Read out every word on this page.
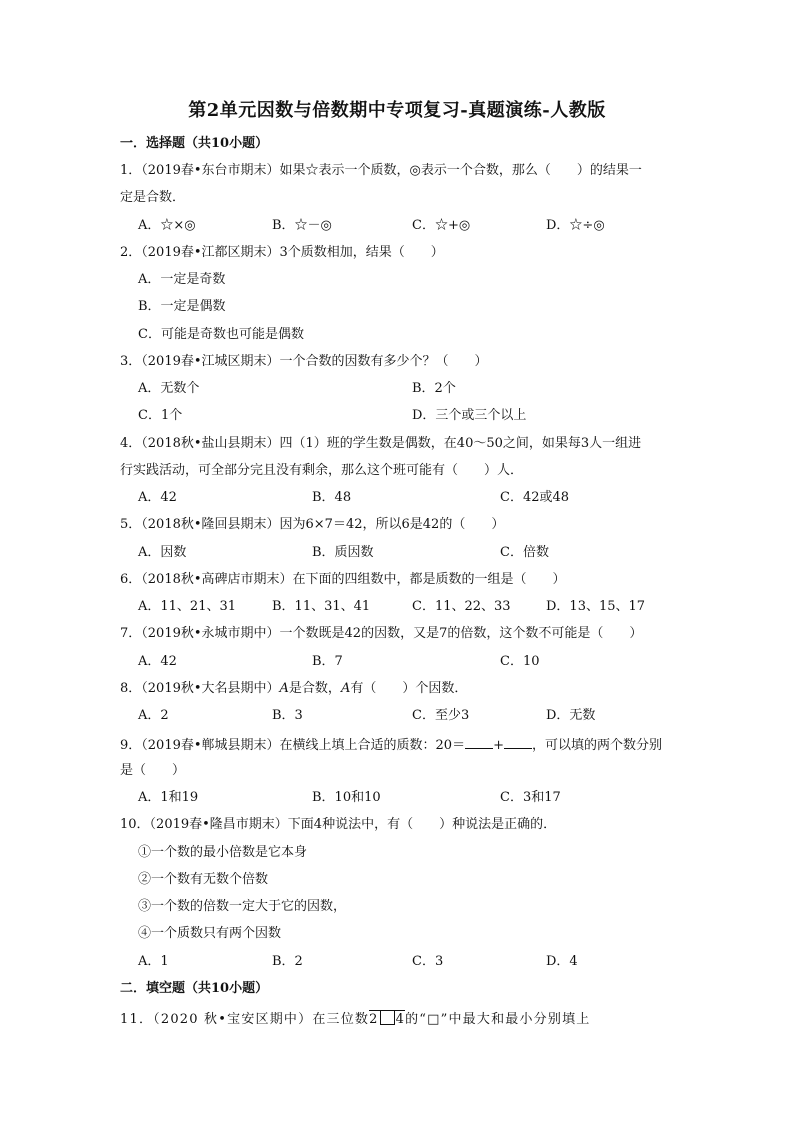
第2单元因数与倍数期中专项复习-真题演练-人教版
一．选择题（共10小题）
1．（2019春•东台市期末）如果☆表示一个质数，◎表示一个合数，那么（　　）的结果一
定是合数．
A．☆×◎	B．☆－◎	C．☆+◎	D．☆÷◎
2．（2019春•江都区期末）3个质数相加，结果（　　）
A．一定是奇数
B．一定是偶数
C．可能是奇数也可能是偶数
3．（2019春•江城区期末）一个合数的因数有多少个？（　　）
A．无数个	B．2个
C．1个	D．三个或三个以上
4．（2018秋•盐山县期末）四（1）班的学生数是偶数，在40～50之间，如果每3人一组进
行实践活动，可全部分完且没有剩余，那么这个班可能有（　　）人．
A．42	B．48	C．42或48
5．（2018秋•隆回县期末）因为6×7＝42，所以6是42的（　　）
A．因数	B．质因数	C．倍数
6．（2018秋•高碑店市期末）在下面的四组数中，都是质数的一组是（　　）
A．11、21、31	B．11、31、41	C．11、22、33	D．13、15、17
7．（2019秋•永城市期中）一个数既是42的因数，又是7的倍数，这个数不可能是（　　）
A．42	B．7	C．10
8．（2019秋•大名县期中）A是合数，A有（　　）个因数．
A．2	B．3	C．至少3	D．无数
9．（2019春•郸城县期末）在横线上填上合适的质数：20＝ + ，可以填的两个数分别
是（　　）
A．1和19	B．10和10	C．3和17
10．（2019春•隆昌市期末）下面4种说法中，有（　　）种说法是正确的．
①一个数的最小倍数是它本身
②一个数有无数个倍数
③一个数的倍数一定大于它的因数，
④一个质数只有两个因数
A．1	B．2	C．3	D．4
二．填空题（共10小题）
11．（2020 秋•宝安区期中）在三位数2 4的“□”中最大和最小分别填上
